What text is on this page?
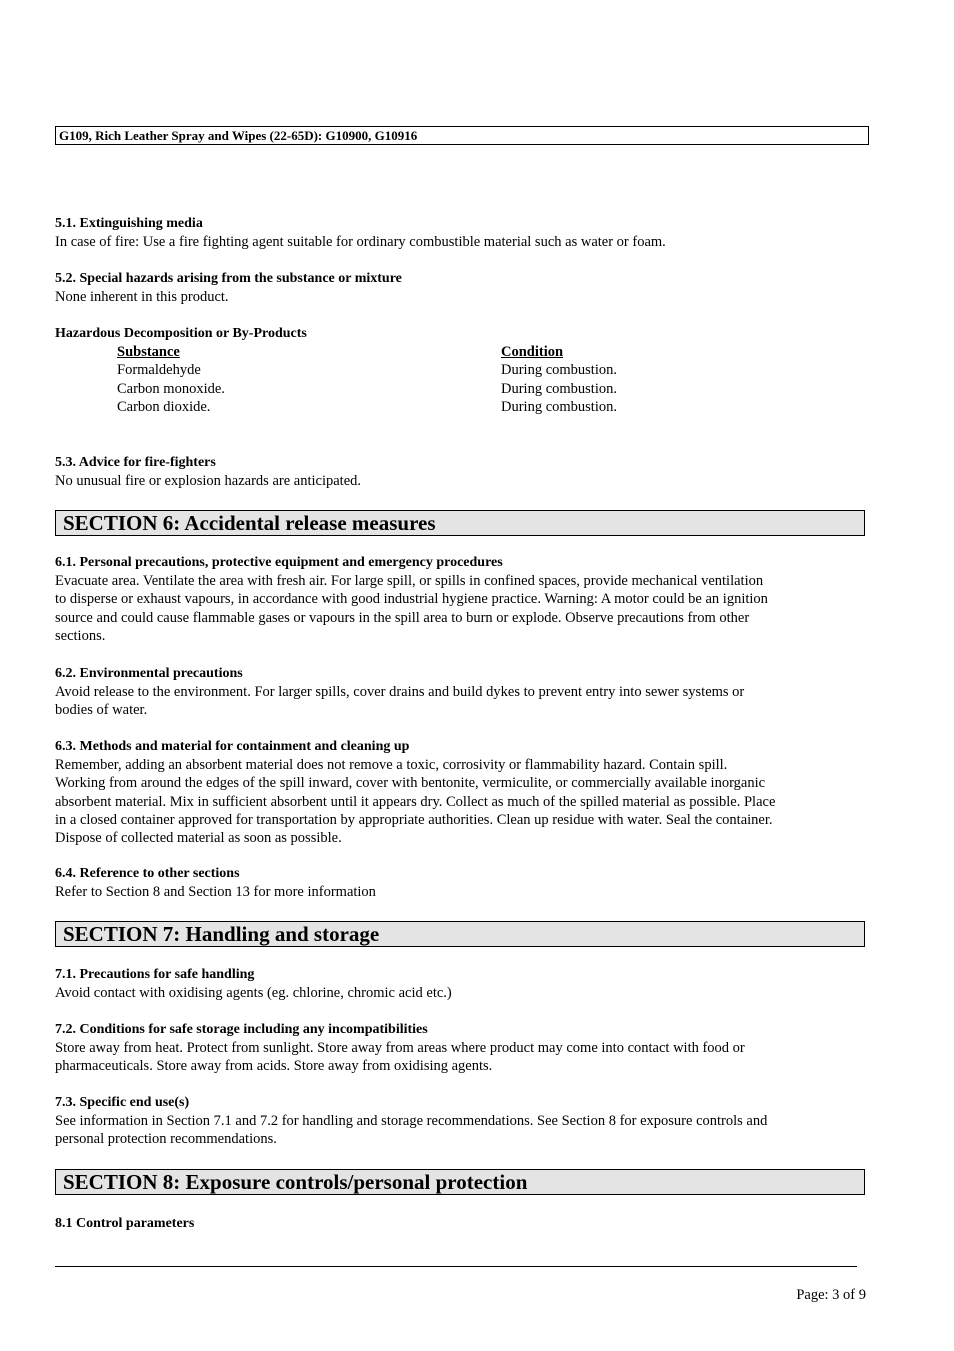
G109, Rich Leather Spray and Wipes (22-65D): G10900, G10916
5.1. Extinguishing media
In case of fire: Use a fire fighting agent suitable for ordinary combustible material such as water or foam.
5.2. Special hazards arising from the substance or mixture
None inherent in this product.
Hazardous Decomposition or By-Products
Substance	Condition
Formaldehyde	During combustion.
Carbon monoxide.	During combustion.
Carbon dioxide.	During combustion.
5.3. Advice for fire-fighters
No unusual fire or explosion hazards are anticipated.
SECTION 6: Accidental release measures
6.1. Personal precautions, protective equipment and emergency procedures
Evacuate area. Ventilate the area with fresh air. For large spill, or spills in confined spaces, provide mechanical ventilation
to disperse or exhaust vapours, in accordance with good industrial hygiene practice. Warning: A motor could be an ignition
source and could cause flammable gases or vapours in the spill area to burn or explode. Observe precautions from other
sections.
6.2. Environmental precautions
Avoid release to the environment. For larger spills, cover drains and build dykes to prevent entry into sewer systems or
bodies of water.
6.3. Methods and material for containment and cleaning up
Remember, adding an absorbent material does not remove a toxic, corrosivity or flammability hazard. Contain spill.
Working from around the edges of the spill inward, cover with bentonite, vermiculite, or commercially available inorganic
absorbent material. Mix in sufficient absorbent until it appears dry. Collect as much of the spilled material as possible. Place
in a closed container approved for transportation by appropriate authorities. Clean up residue with water. Seal the container.
Dispose of collected material as soon as possible.
6.4. Reference to other sections
Refer to Section 8 and Section 13 for more information
SECTION 7: Handling and storage
7.1. Precautions for safe handling
Avoid contact with oxidising agents (eg. chlorine, chromic acid etc.)
7.2. Conditions for safe storage including any incompatibilities
Store away from heat. Protect from sunlight. Store away from areas where product may come into contact with food or
pharmaceuticals. Store away from acids. Store away from oxidising agents.
7.3. Specific end use(s)
See information in Section 7.1 and 7.2 for handling and storage recommendations. See Section 8 for exposure controls and
personal protection recommendations.
SECTION 8: Exposure controls/personal protection
8.1 Control parameters
Page: 3 of 9
